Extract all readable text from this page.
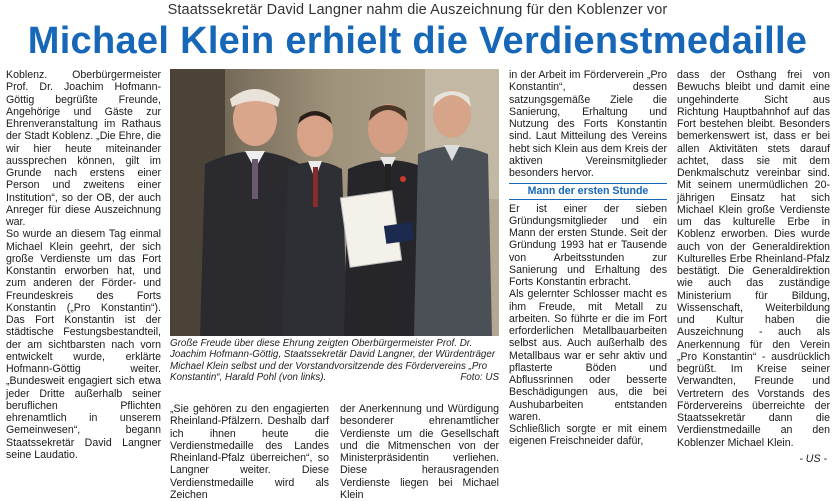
Staatssekretär David Langner nahm die Auszeichnung für den Koblenzer vor
Michael Klein erhielt die Verdienstmedaille

Koblenz. Oberbürgermeister Prof. Dr. Joachim Hofmann-Göttig begrüßte Freunde, Angehörige und Gäste zur Ehrenveranstaltung im Rathaus der Stadt Koblenz. „Die Ehre, die wir hier heute miteinander aussprechen können, gilt im Grunde nach erstens einer Person und zweitens einer Institution“, so der OB, der auch Anreger für diese Auszeichnung war.

So wurde an diesem Tag einmal Michael Klein geehrt, der sich große Verdienste um das Fort Konstantin erworben hat, und zum anderen der Förder- und Freundeskreis des Forts Konstantin („Pro Konstantin“). Das Fort Konstantin ist der städtische Festungsbestandteil, der am sichtbarsten nach vorn entwickelt wurde, erklärte Hofmann-Göttig weiter. „Bundesweit engagiert sich etwa jeder Dritte außerhalb seiner beruflichen Pflichten ehrenamtlich in unserem Gemeinwesen“, begann Staatssekretär David Langner seine Laudatio.

Große Freude über diese Ehrung zeigten Oberbürgermeister Prof. Dr. Joachim Hofmann-Göttig, Staatssekretär David Langner, der Würdenträger Michael Klein selbst und der Vorstandvorsitzende des Fördervereins „Pro Konstantin“, Harald Pohl (von links).	Foto: US

„Sie gehören zu den engagierten Rheinland-Pfälzern. Deshalb darf ich ihnen heute die Verdienstmedaille des Landes Rheinland-Pfalz überreichen“, so Langner weiter. Diese Verdienstmedaille wird als Zeichen

der Anerkennung und Würdigung besonderer ehrenamtlicher Verdienste um die Gesellschaft und die Mitmenschen von der Ministerpräsidentin verliehen. Diese herausragenden Verdienste liegen bei Michael Klein

in der Arbeit im Förderverein „Pro Konstantin“, dessen satzungsgemäße Ziele die Sanierung, Erhaltung und Nutzung des Forts Konstantin sind. Laut Mitteilung des Vereins hebt sich Klein aus dem Kreis der aktiven Vereinsmitglieder besonders hervor.

Mann der ersten Stunde

Er ist einer der sieben Gründungsmitglieder und ein Mann der ersten Stunde. Seit der Gründung 1993 hat er Tausende von Arbeitsstunden zur Sanierung und Erhaltung des Forts Konstantin erbracht.

Als gelernter Schlosser macht es ihm Freude, mit Metall zu arbeiten. So führte er die im Fort erforderlichen Metallbauarbeiten selbst aus. Auch außerhalb des Metallbaus war er sehr aktiv und pflasterte Böden und Abflussrinnen oder besserte Beschädigungen aus, die bei Aushubarbeiten entstanden waren.

Schließlich sorgte er mit einem eigenen Freischneider dafür,

dass der Osthang frei von Bewuchs bleibt und damit eine ungehinderte Sicht aus Richtung Hauptbahnhof auf das Fort bestehen bleibt. Besonders bemerkenswert ist, dass er bei allen Aktivitäten stets darauf achtet, dass sie mit dem Denkmalschutz vereinbar sind. Mit seinem unermüdlichen 20-jährigen Einsatz hat sich Michael Klein große Verdienste um das kulturelle Erbe in Koblenz erworben. Dies wurde auch von der Generaldirektion Kulturelles Erbe Rheinland-Pfalz bestätigt. Die Generaldirektion wie auch das zuständige Ministerium für Bildung, Wissenschaft, Weiterbildung und Kultur haben die Auszeichnung - auch als Anerkennung für den Verein „Pro Konstantin“ - ausdrücklich begrüßt. Im Kreise seiner Verwandten, Freunde und Vertretern des Vorstands des Fördervereins überreichte der Staatssekretär dann die Verdienstmedaille an den Koblenzer Michael Klein.

- US -
